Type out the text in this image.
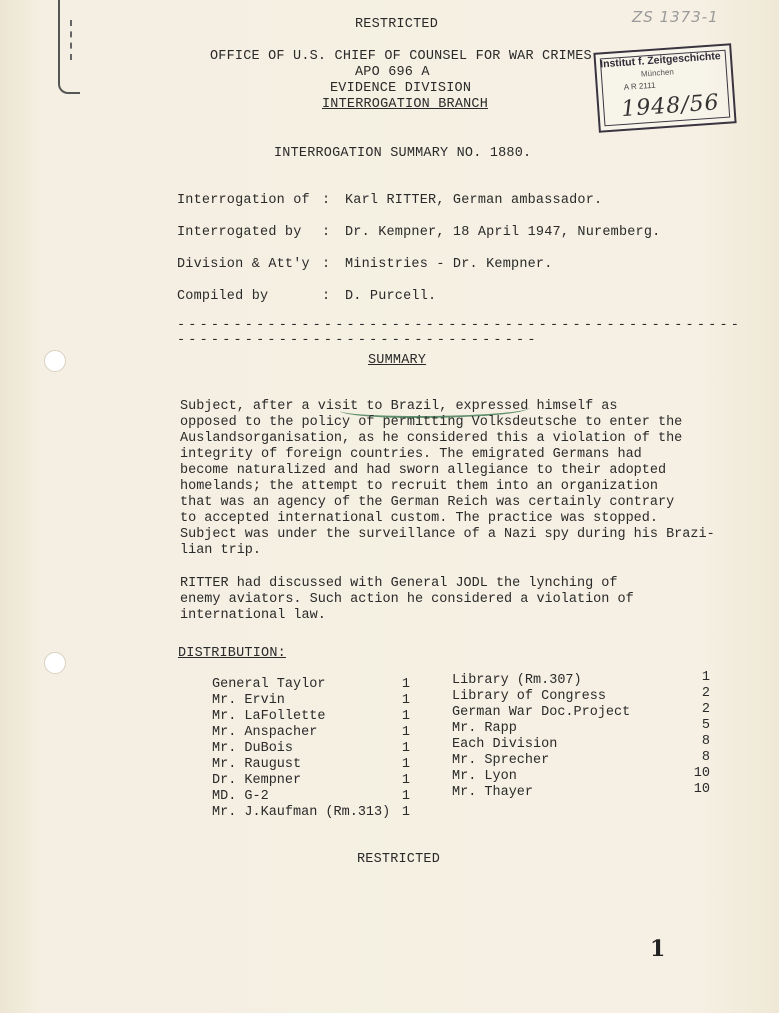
ZS 1373-1
Institut f. Zeitgeschichte
München
A R 2111
1948/56
RESTRICTED
OFFICE OF U.S. CHIEF OF COUNSEL FOR WAR CRIMES
APO 696 A
EVIDENCE DIVISION
INTERROGATION BRANCH
INTERROGATION SUMMARY NO. 1880.
Interrogation of : Karl RITTER, German ambassador.
Interrogated by : Dr. Kempner, 18 April 1947, Nuremberg.
Division & Att'y : Ministries - Dr. Kempner.
Compiled by	: D. Purcell.
----------------------------------------------------------------------------------
SUMMARY
Subject, after a visit to Brazil, expressed himself as
opposed to the policy of permitting Volksdeutsche to enter the
Auslandsorganisation, as he considered this a violation of the
integrity of foreign countries. The emigrated Germans had
become naturalized and had sworn allegiance to their adopted
homelands; the attempt to recruit them into an organization
that was an agency of the German Reich was certainly contrary
to accepted international custom. The practice was stopped.
Subject was under the surveillance of a Nazi spy during his Brazi-
lian trip.
RITTER had discussed with General JODL the lynching of
enemy aviators. Such action he considered a violation of
international law.
DISTRIBUTION:
General Taylor	1
Mr. Ervin	1
Mr. LaFollette	1
Mr. Anspacher	1
Mr. DuBois	1
Mr. Raugust	1
Dr. Kempner	1
MD. G-2	1
Mr. J.Kaufman (Rm.313) 1
Library (Rm.307)	1
Library of Congress	2
German War Doc.Project	2
Mr. Rapp	5
Each Division	8
Mr. Sprecher	8
Mr. Lyon	10
Mr. Thayer	10
RESTRICTED
1
